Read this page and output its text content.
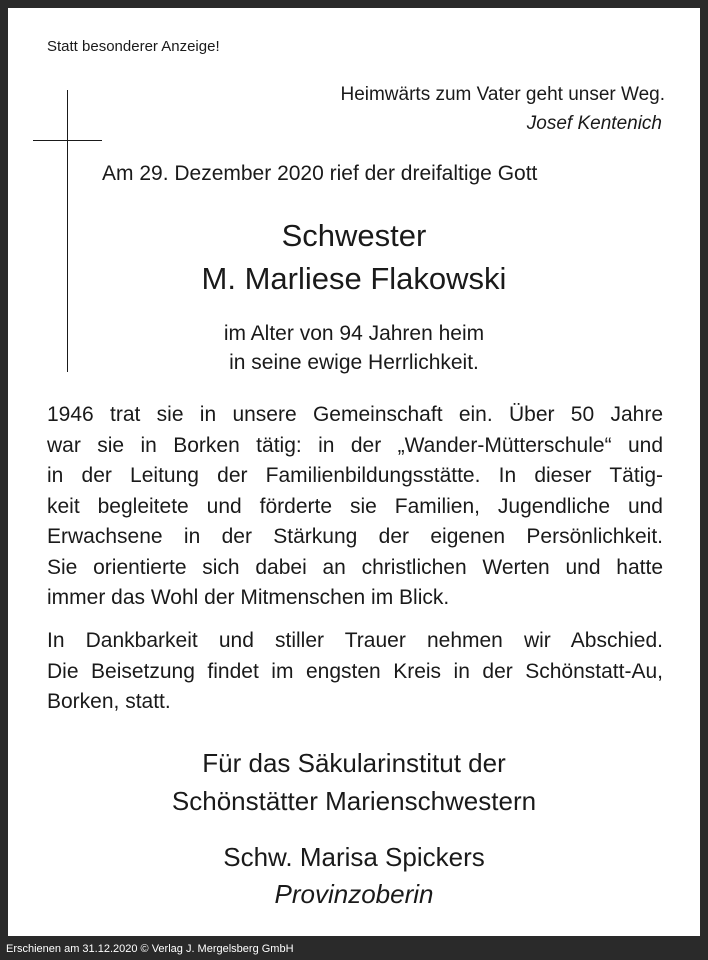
Statt besonderer Anzeige!
Heimwärts zum Vater geht unser Weg.
Josef Kentenich
Am 29. Dezember 2020 rief der dreifaltige Gott
Schwester
M. Marliese Flakowski
im Alter von 94 Jahren heim
in seine ewige Herrlichkeit.
1946 trat sie in unsere Gemeinschaft ein. Über 50 Jahre
war sie in Borken tätig: in der „Wander-Mütterschule“ und
in der Leitung der Familienbildungsstätte. In dieser Tätig-
keit begleitete und förderte sie Familien, Jugendliche und
Erwachsene in der Stärkung der eigenen Persönlichkeit.
Sie orientierte sich dabei an christlichen Werten und hatte
immer das Wohl der Mitmenschen im Blick.
In Dankbarkeit und stiller Trauer nehmen wir Abschied.
Die Beisetzung findet im engsten Kreis in der Schönstatt-Au,
Borken, statt.
Für das Säkularinstitut der
Schönstätter Marienschwestern
Schw. Marisa Spickers
Provinzoberin
Erschienen am 31.12.2020 © Verlag J. Mergelsberg GmbH
